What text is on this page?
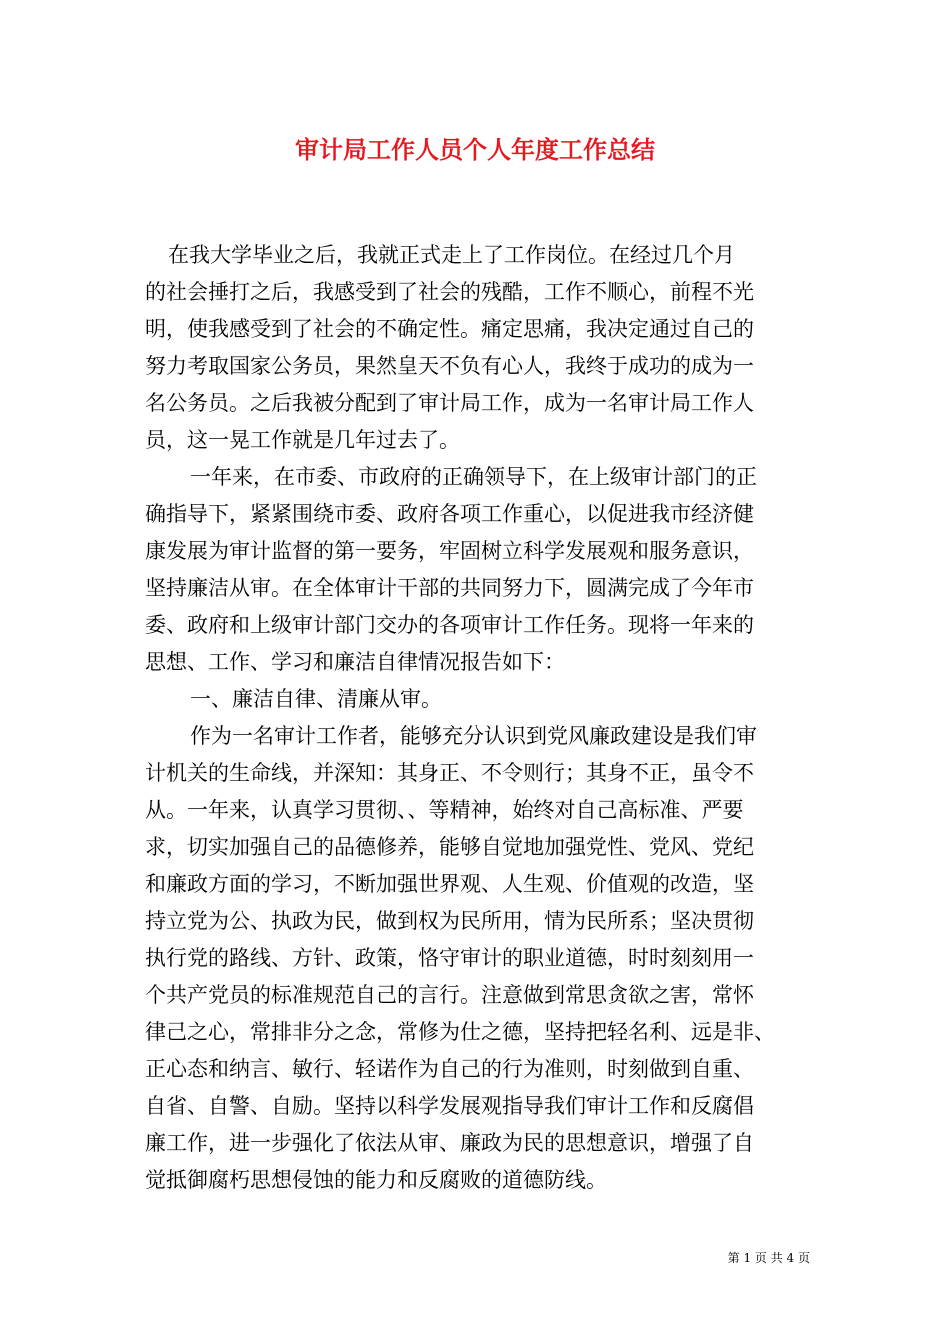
审计局工作人员个人年度工作总结

在我大学毕业之后，我就正式走上了工作岗位。在经过几个月

的社会捶打之后，我感受到了社会的残酷，工作不顺心，前程不光

明，使我感受到了社会的不确定性。痛定思痛，我决定通过自己的

努力考取国家公务员，果然皇天不负有心人，我终于成功的成为一

名公务员。之后我被分配到了审计局工作，成为一名审计局工作人

员，这一晃工作就是几年过去了。

一年来，在市委、市政府的正确领导下，在上级审计部门的正

确指导下，紧紧围绕市委、政府各项工作重心，以促进我市经济健

康发展为审计监督的第一要务，牢固树立科学发展观和服务意识，

坚持廉洁从审。在全体审计干部的共同努力下，圆满完成了今年市

委、政府和上级审计部门交办的各项审计工作任务。现将一年来的

思想、工作、学习和廉洁自律情况报告如下：

一、廉洁自律、清廉从审。

作为一名审计工作者，能够充分认识到党风廉政建设是我们审

计机关的生命线，并深知：其身正、不令则行；其身不正，虽令不

从。一年来，认真学习贯彻、、等精神，始终对自己高标准、严要

求，切实加强自己的品德修养，能够自觉地加强党性、党风、党纪

和廉政方面的学习，不断加强世界观、人生观、价值观的改造，坚

持立党为公、执政为民，做到权为民所用，情为民所系；坚决贯彻

执行党的路线、方针、政策，恪守审计的职业道德，时时刻刻用一

个共产党员的标准规范自己的言行。注意做到常思贪欲之害，常怀

律己之心，常排非分之念，常修为仕之德，坚持把轻名利、远是非、

正心态和纳言、敏行、轻诺作为自己的行为准则，时刻做到自重、

自省、自警、自励。坚持以科学发展观指导我们审计工作和反腐倡

廉工作，进一步强化了依法从审、廉政为民的思想意识，增强了自

觉抵御腐朽思想侵蚀的能力和反腐败的道德防线。

第 1 页 共 4 页
